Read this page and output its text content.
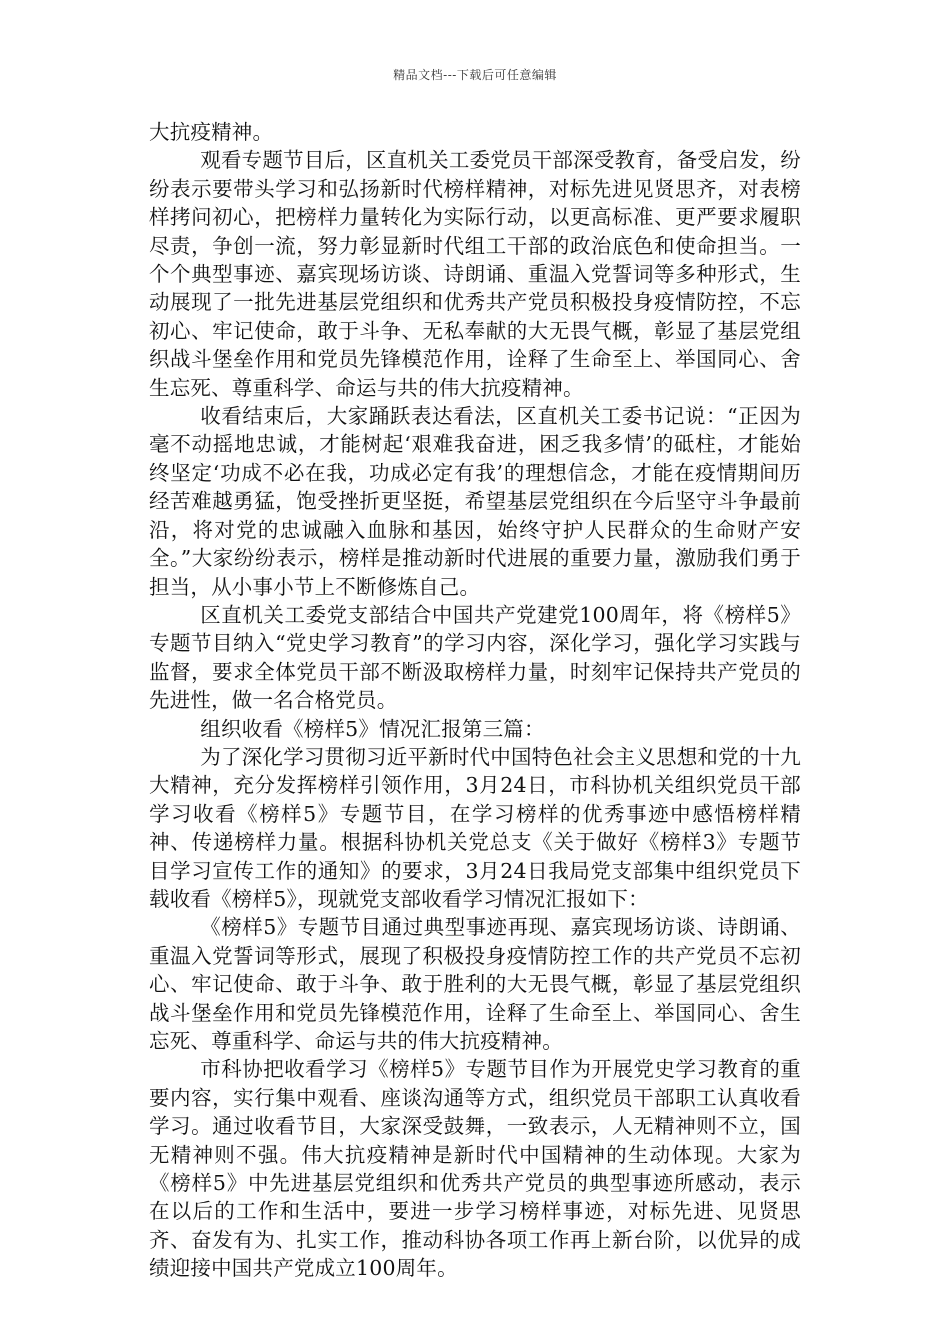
精品文档---下载后可任意编辑

大抗疫精神。

观看专题节目后，区直机关工委党员干部深受教育，备受启发，纷纷表示要带头学习和弘扬新时代榜样精神，对标先进见贤思齐，对表榜样拷问初心，把榜样力量转化为实际行动，以更高标准、更严要求履职尽责，争创一流，努力彰显新时代组工干部的政治底色和使命担当。一个个典型事迹、嘉宾现场访谈、诗朗诵、重温入党誓词等多种形式，生动展现了一批先进基层党组织和优秀共产党员积极投身疫情防控，不忘初心、牢记使命，敢于斗争、无私奉献的大无畏气概，彰显了基层党组织战斗堡垒作用和党员先锋模范作用，诠释了生命至上、举国同心、舍生忘死、尊重科学、命运与共的伟大抗疫精神。

收看结束后，大家踊跃表达看法，区直机关工委书记说：“正因为毫不动摇地忠诚，才能树起‘艰难我奋进，困乏我多情’的砥柱，才能始终坚定‘功成不必在我，功成必定有我’的理想信念，才能在疫情期间历经苦难越勇猛，饱受挫折更坚挺，希望基层党组织在今后坚守斗争最前沿，将对党的忠诚融入血脉和基因，始终守护人民群众的生命财产安全。”大家纷纷表示，榜样是推动新时代进展的重要力量，激励我们勇于担当，从小事小节上不断修炼自己。

区直机关工委党支部结合中国共产党建党100周年，将《榜样5》专题节目纳入“党史学习教育”的学习内容，深化学习，强化学习实践与监督，要求全体党员干部不断汲取榜样力量，时刻牢记保持共产党员的先进性，做一名合格党员。

组织收看《榜样5》情况汇报第三篇：

为了深化学习贯彻习近平新时代中国特色社会主义思想和党的十九大精神，充分发挥榜样引领作用，3月24日，市科协机关组织党员干部学习收看《榜样5》专题节目，在学习榜样的优秀事迹中感悟榜样精神、传递榜样力量。根据科协机关党总支《关于做好《榜样3》专题节目学习宣传工作的通知》的要求，3月24日我局党支部集中组织党员下载收看《榜样5》，现就党支部收看学习情况汇报如下：

《榜样5》专题节目通过典型事迹再现、嘉宾现场访谈、诗朗诵、重温入党誓词等形式，展现了积极投身疫情防控工作的共产党员不忘初心、牢记使命、敢于斗争、敢于胜利的大无畏气概，彰显了基层党组织战斗堡垒作用和党员先锋模范作用，诠释了生命至上、举国同心、舍生忘死、尊重科学、命运与共的伟大抗疫精神。

市科协把收看学习《榜样5》专题节目作为开展党史学习教育的重要内容，实行集中观看、座谈沟通等方式，组织党员干部职工认真收看学习。通过收看节目，大家深受鼓舞，一致表示，人无精神则不立，国无精神则不强。伟大抗疫精神是新时代中国精神的生动体现。大家为《榜样5》中先进基层党组织和优秀共产党员的典型事迹所感动，表示在以后的工作和生活中，要进一步学习榜样事迹，对标先进、见贤思齐、奋发有为、扎实工作，推动科协各项工作再上新台阶，以优异的成绩迎接中国共产党成立100周年。
